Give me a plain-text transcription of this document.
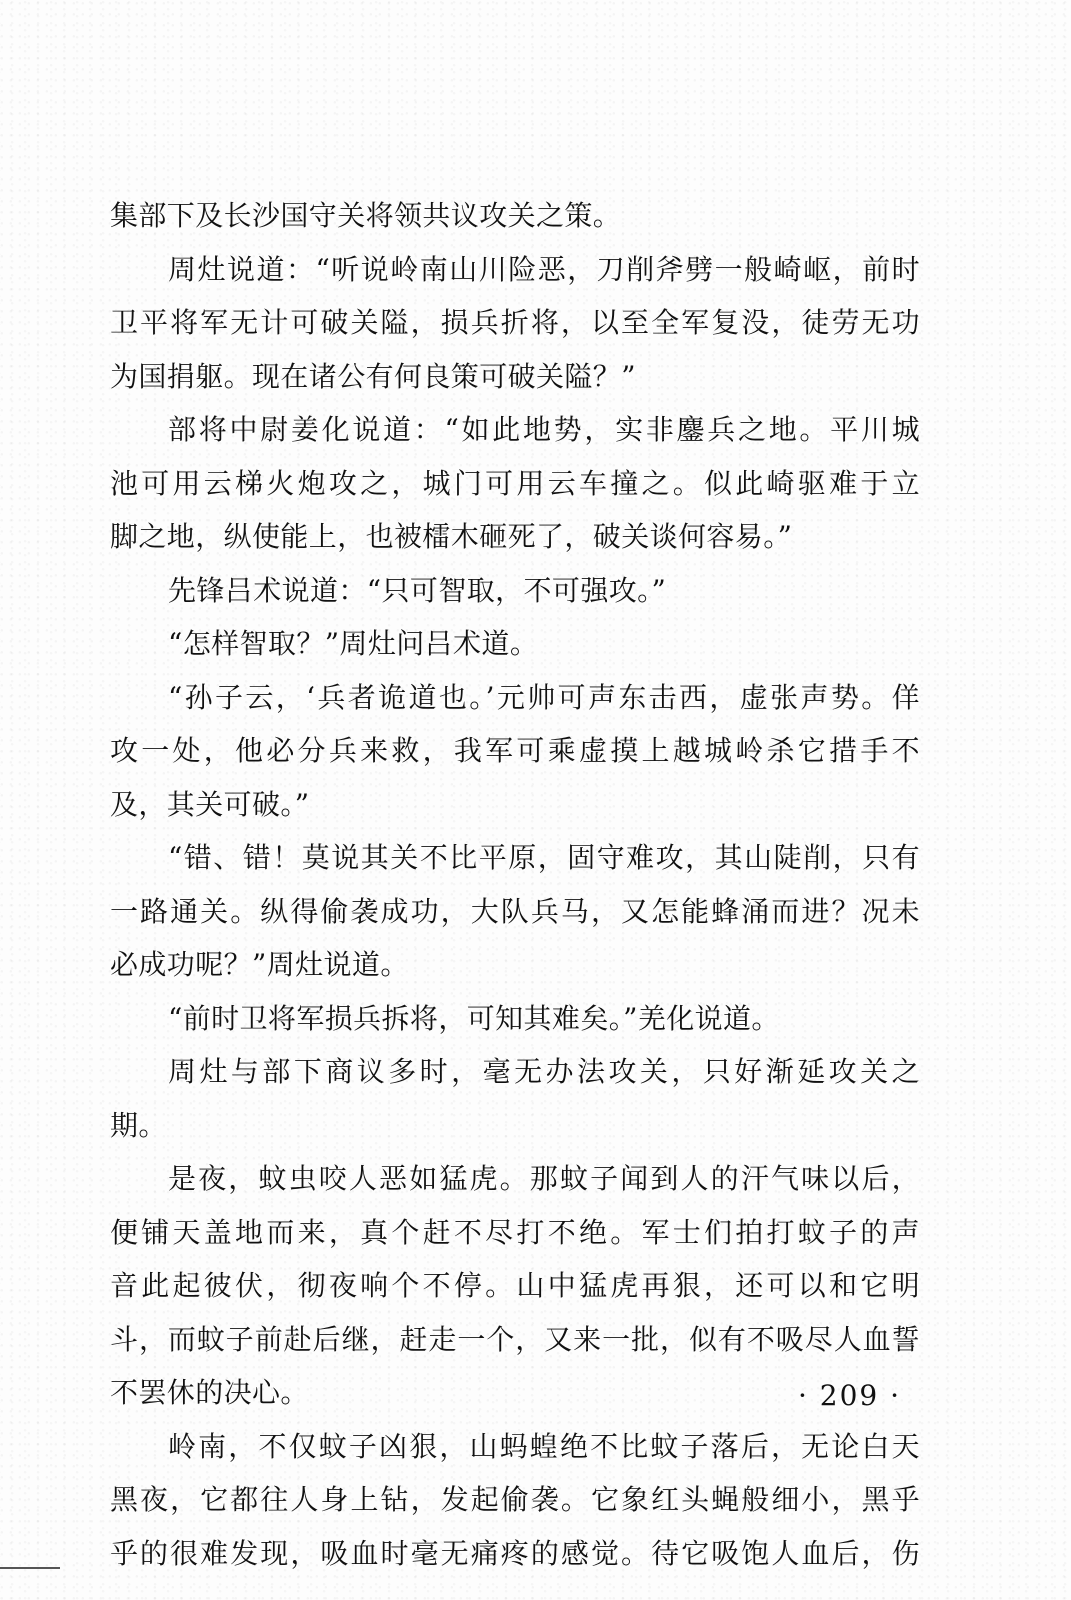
集部下及长沙国守关将领共议攻关之策。
周灶说道：“听说岭南山川险恶，刀削斧劈一般崎岖，前时
卫平将军无计可破关隘，损兵折将，以至全军复没，徒劳无功
为国捐躯。现在诸公有何良策可破关隘？”
部将中尉姜化说道：“如此地势，实非鏖兵之地。平川城
池可用云梯火炮攻之，城门可用云车撞之。似此崎驱难于立
脚之地，纵使能上，也被檑木砸死了，破关谈何容易。”
先锋吕术说道：“只可智取，不可强攻。”
“怎样智取？”周灶问吕术道。
“孙子云，‘兵者诡道也。’元帅可声东击西，虚张声势。佯
攻一处，他必分兵来救，我军可乘虚摸上越城岭杀它措手不
及，其关可破。”
“错、错！莫说其关不比平原，固守难攻，其山陡削，只有
一路通关。纵得偷袭成功，大队兵马，又怎能蜂涌而进？况未
必成功呢？”周灶说道。
“前时卫将军损兵拆将，可知其难矣。”羌化说道。
周灶与部下商议多时，毫无办法攻关，只好渐延攻关之
期。
是夜，蚊虫咬人恶如猛虎。那蚊子闻到人的汗气味以后，
便铺天盖地而来，真个赶不尽打不绝。军士们拍打蚊子的声
音此起彼伏，彻夜响个不停。山中猛虎再狠，还可以和它明
斗，而蚊子前赴后继，赶走一个，又来一批，似有不吸尽人血誓
不罢休的决心。
岭南，不仅蚊子凶狠，山蚂蝗绝不比蚊子落后，无论白天
黑夜，它都往人身上钻，发起偷袭。它象红头蝇般细小，黑乎
乎的很难发现，吸血时毫无痛疼的感觉。待它吸饱人血后，伤
· 209 ·
